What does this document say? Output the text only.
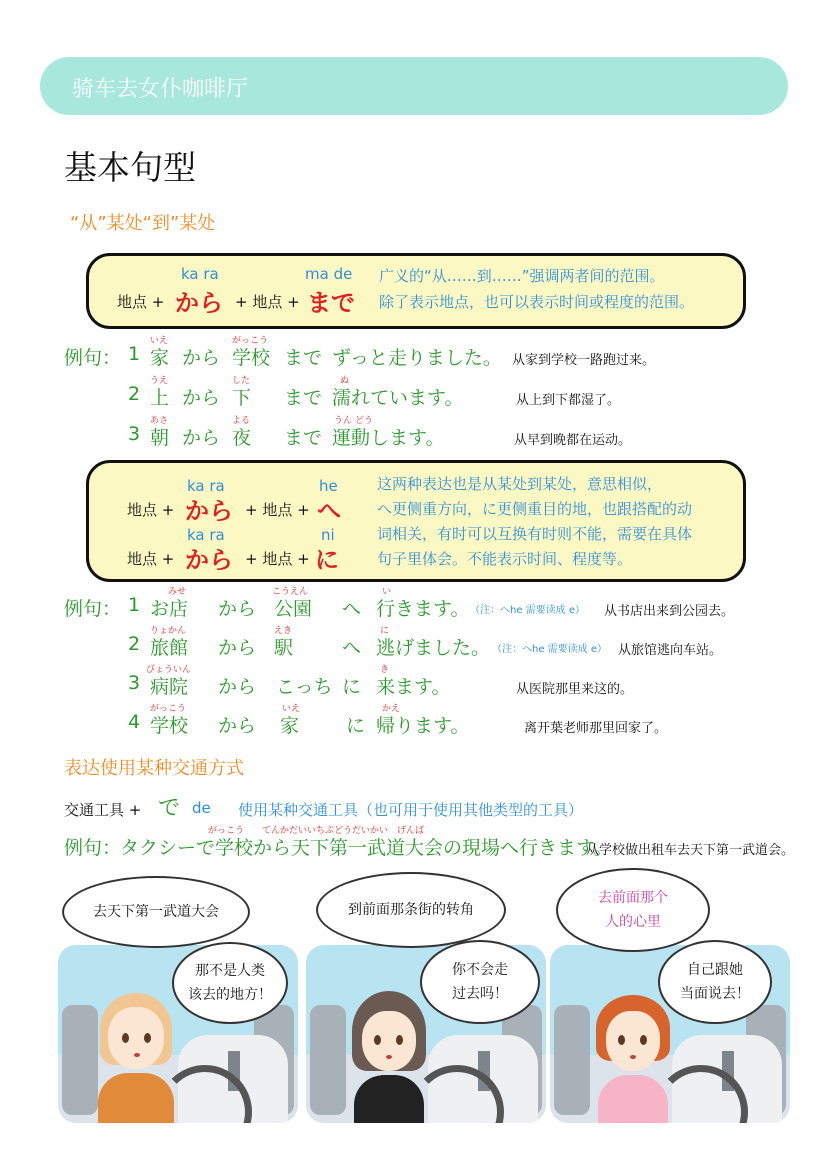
骑车去女仆咖啡厅
基本句型
“从”某处“到”某处
地点 +
ka ra
から + 地点 +
ma de
まで
广义的“从……到……”强调两者间的范围。
除了表示地点，也可以表示时间或程度的范围。
例句： 1
いえ
家 から
がっこう
学校 まで ずっと走りました。 从家到学校一路跑过来。
2
うえ
上 から
した
下 まで
ぬ
濡れています。	从上到下都湿了。
3
あさ
朝 から
よる
夜 まで
うん どう
運動します。	从早到晚都在运动。
地点 +
ka ra
から + 地点 +
he
へ
地点 +
ka ra
から + 地点 +
ni
に
这两种表达也是从某处到某处，意思相似，
へ更侧重方向，に更侧重目的地，也跟搭配的动
词相关，有时可以互换有时则不能，需要在具体
句子里体会。不能表示时间、程度等。
例句： 1
みせ
お店 から
こうえん
公園 へ
い
行きます。 （注：へhe 需要读成 e） 从书店出来到公园去。
2
りょかん
旅館 から
えき
駅	へ
に
逃げました。 （注：へhe 需要读成 e） 从旅馆逃向车站。
3
びょういん
病院 から こっち に
き
来ます。	从医院那里来这的。
4
がっこう
学校 から
いえ
家 に
かえ
帰ります。	离开葉老师那里回家了。
表达使用某种交通方式
交通工具 + で de 使用某种交通工具（也可用于使用其他类型的工具）
例句：
がっこう　　てんかだいいちぶどうだいかい　げんば
タクシーで学校から天下第一武道大会の現場へ行きます。
从学校做出租车去天下第一武道会。
去天下第一武道大会
那不是人类
该去的地方！
到前面那条街的转角
你不会走
过去吗！
去前面那个
人的心里
自己跟她
当面说去！
